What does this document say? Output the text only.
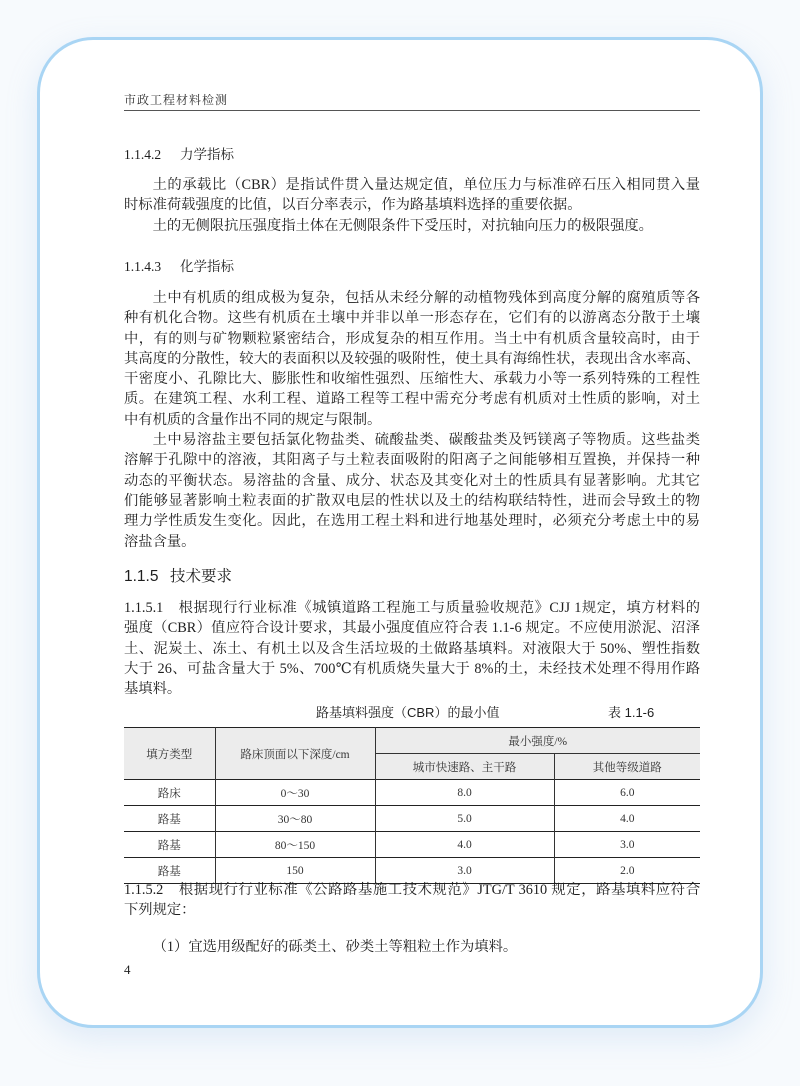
市政工程材料检测
1.1.4.2 力学指标
土的承载比（CBR）是指试件贯入量达规定值，单位压力与标准碎石压入相同贯入量
时标准荷载强度的比值，以百分率表示，作为路基填料选择的重要依据。
土的无侧限抗压强度指土体在无侧限条件下受压时，对抗轴向压力的极限强度。
1.1.4.3 化学指标
土中有机质的组成极为复杂，包括从未经分解的动植物残体到高度分解的腐殖质等各
种有机化合物。这些有机质在土壤中并非以单一形态存在，它们有的以游离态分散于土壤
中，有的则与矿物颗粒紧密结合，形成复杂的相互作用。当土中有机质含量较高时，由于
其高度的分散性，较大的表面积以及较强的吸附性，使土具有海绵性状，表现出含水率高、
干密度小、孔隙比大、膨胀性和收缩性强烈、压缩性大、承载力小等一系列特殊的工程性
质。在建筑工程、水利工程、道路工程等工程中需充分考虑有机质对土性质的影响，对土
中有机质的含量作出不同的规定与限制。
土中易溶盐主要包括氯化物盐类、硫酸盐类、碳酸盐类及钙镁离子等物质。这些盐类
溶解于孔隙中的溶液，其阳离子与土粒表面吸附的阳离子之间能够相互置换，并保持一种
动态的平衡状态。易溶盐的含量、成分、状态及其变化对土的性质具有显著影响。尤其它
们能够显著影响土粒表面的扩散双电层的性状以及土的结构联结特性，进而会导致土的物
理力学性质发生变化。因此，在选用工程土料和进行地基处理时，必须充分考虑土中的易
溶盐含量。
1.1.5 技术要求
1.1.5.1　根据现行行业标准《城镇道路工程施工与质量验收规范》CJJ 1规定，填方材料的
强度（CBR）值应符合设计要求，其最小强度值应符合表 1.1-6 规定。不应使用淤泥、沼泽
土、泥炭土、冻土、有机土以及含生活垃圾的土做路基填料。对液限大于 50%、塑性指数
大于 26、可盐含量大于 5%、700℃有机质烧失量大于 8%的土，未经技术处理不得用作路
基填料。
路基填料强度（CBR）的最小值	表 1.1-6
填方类型	路床顶面以下深度/cm	最小强度/%	
		城市快速路、主干路	其他等级道路
路床	0～30	8.0	6.0
路基	30～80	5.0	4.0
路基	80～150	4.0	3.0
路基	150	3.0	2.0
1.1.5.2　根据现行行业标准《公路路基施工技术规范》JTG/T 3610 规定，路基填料应符合
下列规定：
（1）宜选用级配好的砾类土、砂类土等粗粒土作为填料。
4
